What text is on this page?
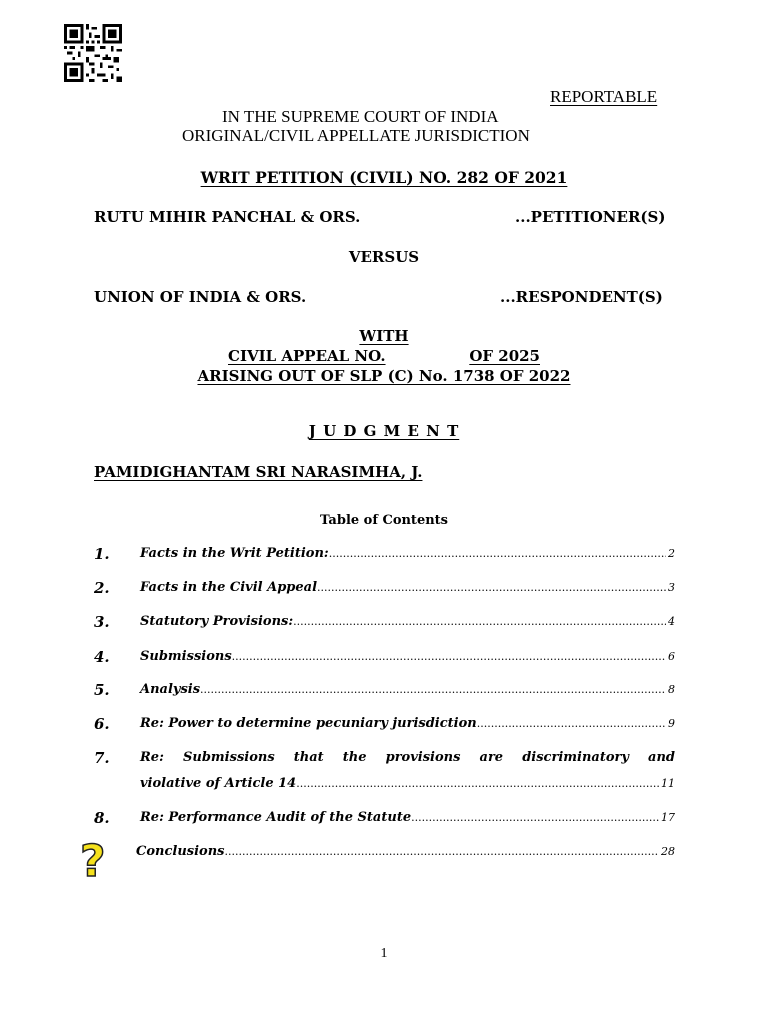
REPORTABLE
IN THE SUPREME COURT OF INDIA
ORIGINAL/CIVIL APPELLATE JURISDICTION
WRIT PETITION (CIVIL) NO. 282 OF 2021
RUTU MIHIR PANCHAL & ORS.	...PETITIONER(S)
VERSUS
UNION OF INDIA & ORS.	...RESPONDENT(S)
WITH
CIVIL APPEAL NO.	OF 2025
ARISING OUT OF SLP (C) No. 1738 OF 2022
J U D G M E N T
PAMIDIGHANTAM SRI NARASIMHA, J.
Table of Contents
1. Facts in the Writ Petition: .....	2
2. Facts in the Civil Appeal .....	3
3. Statutory Provisions: .....	4
4. Submissions .....	6
5. Analysis .....	8
6. Re: Power to determine pecuniary jurisdiction .....	9
7. Re: Submissions that the provisions are discriminatory and
violative of Article 14 .....	11
8. Re: Performance Audit of the Statute .....	17
Conclusions .....	28
?
1
